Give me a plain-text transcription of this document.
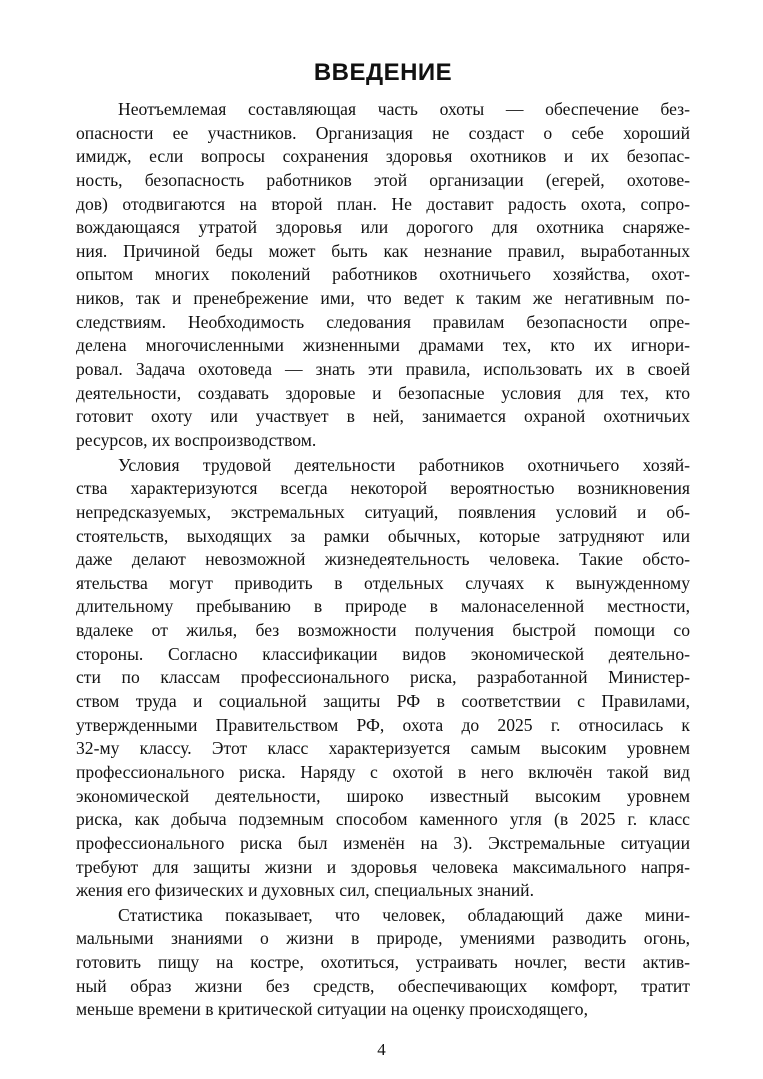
ВВЕДЕНИЕ
Неотъемлемая составляющая часть охоты — обеспечение без-
опасности ее участников. Организация не создаст о себе хороший
имидж, если вопросы сохранения здоровья охотников и их безопас-
ность, безопасность работников этой организации (егерей, охотове-
дов) отодвигаются на второй план. Не доставит радость охота, сопро-
вождающаяся утратой здоровья или дорогого для охотника снаряже-
ния. Причиной беды может быть как незнание правил, выработанных
опытом многих поколений работников охотничьего хозяйства, охот-
ников, так и пренебрежение ими, что ведет к таким же негативным по-
следствиям. Необходимость следования правилам безопасности опре-
делена многочисленными жизненными драмами тех, кто их игнори-
ровал. Задача охотоведа — знать эти правила, использовать их в своей
деятельности, создавать здоровые и безопасные условия для тех, кто
готовит охоту или участвует в ней, занимается охраной охотничьих
ресурсов, их воспроизводством.
Условия трудовой деятельности работников охотничьего хозяй-
ства характеризуются всегда некоторой вероятностью возникновения
непредсказуемых, экстремальных ситуаций, появления условий и об-
стоятельств, выходящих за рамки обычных, которые затрудняют или
даже делают невозможной жизнедеятельность человека. Такие обсто-
ятельства могут приводить в отдельных случаях к вынужденному
длительному пребыванию в природе в малонаселенной местности,
вдалеке от жилья, без возможности получения быстрой помощи со
стороны. Согласно классификации видов экономической деятельно-
сти по классам профессионального риска, разработанной Министер-
ством труда и социальной защиты РФ в соответствии с Правилами,
утвержденными Правительством РФ, охота до 2025 г. относилась к
32-му классу. Этот класс характеризуется самым высоким уровнем
профессионального риска. Наряду с охотой в него включён такой вид
экономической деятельности, широко известный высоким уровнем
риска, как добыча подземным способом каменного угля (в 2025 г. класс
профессионального риска был изменён на 3). Экстремальные ситуации
требуют для защиты жизни и здоровья человека максимального напря-
жения его физических и духовных сил, специальных знаний.
Статистика показывает, что человек, обладающий даже мини-
мальными знаниями о жизни в природе, умениями разводить огонь,
готовить пищу на костре, охотиться, устраивать ночлег, вести актив-
ный образ жизни без средств, обеспечивающих комфорт, тратит
меньше времени в критической ситуации на оценку происходящего,
4
